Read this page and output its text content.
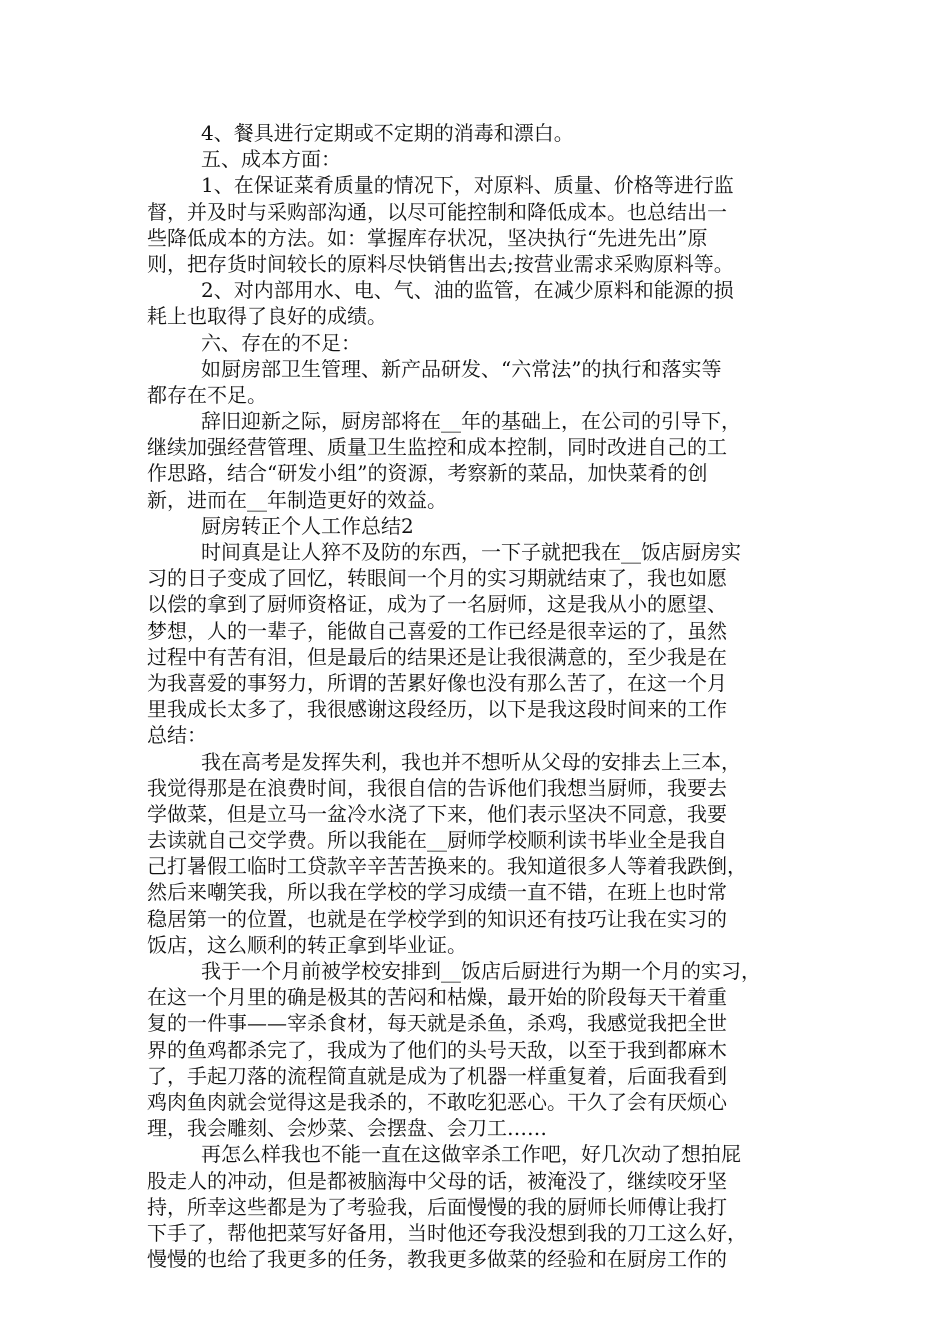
4、餐具进行定期或不定期的消毒和漂白。
五、成本方面：
1、在保证菜肴质量的情况下，对原料、质量、价格等进行监
督，并及时与采购部沟通，以尽可能控制和降低成本。也总结出一
些降低成本的方法。如：掌握库存状况，坚决执行“先进先出”原
则，把存货时间较长的原料尽快销售出去;按营业需求采购原料等。
2、对内部用水、电、气、油的监管，在减少原料和能源的损
耗上也取得了良好的成绩。
六、存在的不足：
如厨房部卫生管理、新产品研发、“六常法”的执行和落实等
都存在不足。
辞旧迎新之际，厨房部将在__年的基础上，在公司的引导下，
继续加强经营管理、质量卫生监控和成本控制，同时改进自己的工
作思路，结合“研发小组”的资源，考察新的菜品，加快菜肴的创
新，进而在__年制造更好的效益。
厨房转正个人工作总结2
时间真是让人猝不及防的东西，一下子就把我在__饭店厨房实
习的日子变成了回忆，转眼间一个月的实习期就结束了，我也如愿
以偿的拿到了厨师资格证，成为了一名厨师，这是我从小的愿望、
梦想，人的一辈子，能做自己喜爱的工作已经是很幸运的了，虽然
过程中有苦有泪，但是最后的结果还是让我很满意的，至少我是在
为我喜爱的事努力，所谓的苦累好像也没有那么苦了，在这一个月
里我成长太多了，我很感谢这段经历，以下是我这段时间来的工作
总结：
我在高考是发挥失利，我也并不想听从父母的安排去上三本，
我觉得那是在浪费时间，我很自信的告诉他们我想当厨师，我要去
学做菜，但是立马一盆冷水浇了下来，他们表示坚决不同意，我要
去读就自己交学费。所以我能在__厨师学校顺利读书毕业全是我自
己打暑假工临时工贷款辛辛苦苦换来的。我知道很多人等着我跌倒，
然后来嘲笑我，所以我在学校的学习成绩一直不错，在班上也时常
稳居第一的位置，也就是在学校学到的知识还有技巧让我在实习的
饭店，这么顺利的转正拿到毕业证。
我于一个月前被学校安排到__饭店后厨进行为期一个月的实习，
在这一个月里的确是极其的苦闷和枯燥，最开始的阶段每天干着重
复的一件事——宰杀食材，每天就是杀鱼，杀鸡，我感觉我把全世
界的鱼鸡都杀完了，我成为了他们的头号天敌，以至于我到都麻木
了，手起刀落的流程简直就是成为了机器一样重复着，后面我看到
鸡肉鱼肉就会觉得这是我杀的，不敢吃犯恶心。干久了会有厌烦心
理，我会雕刻、会炒菜、会摆盘、会刀工……
再怎么样我也不能一直在这做宰杀工作吧，好几次动了想拍屁
股走人的冲动，但是都被脑海中父母的话，被淹没了，继续咬牙坚
持，所幸这些都是为了考验我，后面慢慢的我的厨师长师傅让我打
下手了，帮他把菜写好备用，当时他还夸我没想到我的刀工这么好，
慢慢的也给了我更多的任务，教我更多做菜的经验和在厨房工作的
